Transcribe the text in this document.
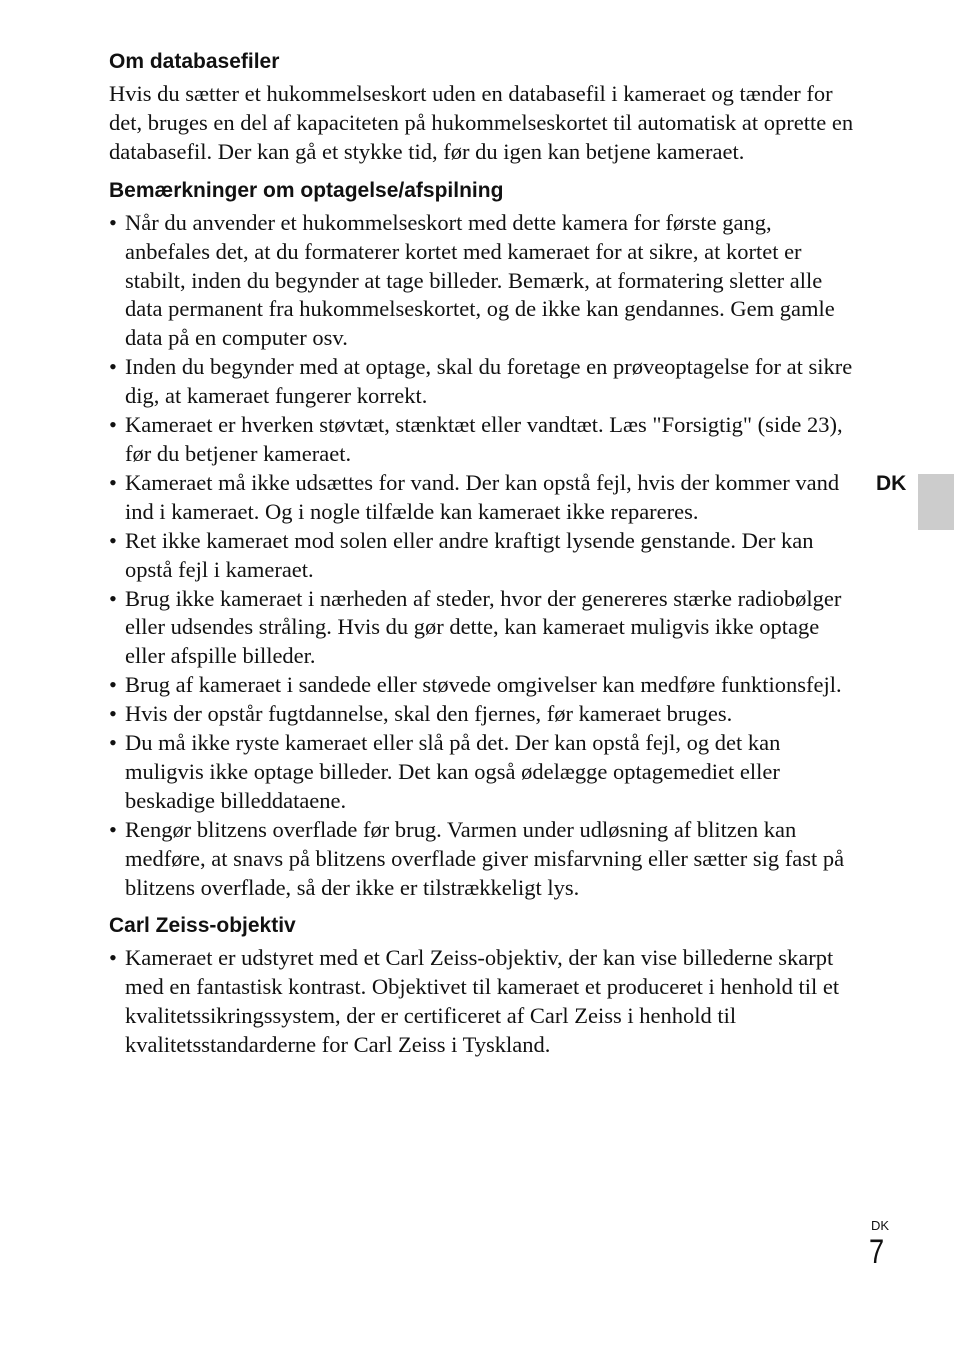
Om databasefiler

Hvis du sætter et hukommelseskort uden en databasefil i kameraet og tænder for det, bruges en del af kapaciteten på hukommelseskortet til automatisk at oprette en databasefil. Der kan gå et stykke tid, før du igen kan betjene kameraet.

Bemærkninger om optagelse/afspilning
• Når du anvender et hukommelseskort med dette kamera for første gang, anbefales det, at du formaterer kortet med kameraet for at sikre, at kortet er stabilt, inden du begynder at tage billeder. Bemærk, at formatering sletter alle data permanent fra hukommelseskortet, og de ikke kan gendannes. Gem gamle data på en computer osv.
• Inden du begynder med at optage, skal du foretage en prøveoptagelse for at sikre dig, at kameraet fungerer korrekt.
• Kameraet er hverken støvtæt, stænktæt eller vandtæt. Læs "Forsigtig" (side 23), før du betjener kameraet.
• Kameraet må ikke udsættes for vand. Der kan opstå fejl, hvis der kommer vand ind i kameraet. Og i nogle tilfælde kan kameraet ikke repareres.
• Ret ikke kameraet mod solen eller andre kraftigt lysende genstande. Der kan opstå fejl i kameraet.
• Brug ikke kameraet i nærheden af steder, hvor der genereres stærke radiobølger eller udsendes stråling. Hvis du gør dette, kan kameraet muligvis ikke optage eller afspille billeder.
• Brug af kameraet i sandede eller støvede omgivelser kan medføre funktionsfejl.
• Hvis der opstår fugtdannelse, skal den fjernes, før kameraet bruges.
• Du må ikke ryste kameraet eller slå på det. Der kan opstå fejl, og det kan muligvis ikke optage billeder. Det kan også ødelægge optagemediet eller beskadige billeddataene.
• Rengør blitzens overflade før brug. Varmen under udløsning af blitzen kan medføre, at snavs på blitzens overflade giver misfarvning eller sætter sig fast på blitzens overflade, så der ikke er tilstrækkeligt lys.
Carl Zeiss-objektiv
• Kameraet er udstyret med et Carl Zeiss-objektiv, der kan vise billederne skarpt med en fantastisk kontrast. Objektivet til kameraet et produceret i henhold til et kvalitetssikringssystem, der er certificeret af Carl Zeiss i henhold til kvalitetsstandarderne for Carl Zeiss i Tyskland.
DK
DK
7
